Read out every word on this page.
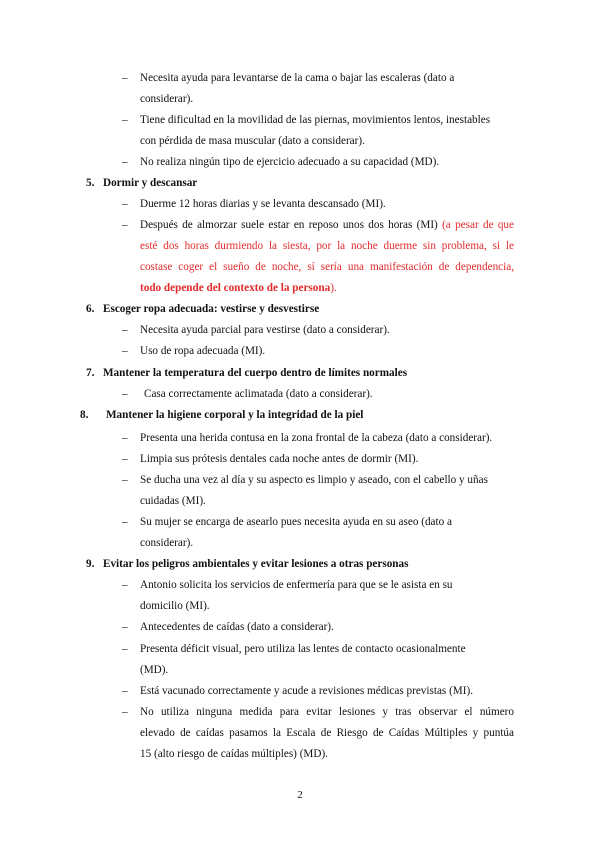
– Necesita ayuda para levantarse de la cama o bajar las escaleras (dato a
considerar).
– Tiene dificultad en la movilidad de las piernas, movimientos lentos, inestables
con pérdida de masa muscular (dato a considerar).
– No realiza ningún tipo de ejercicio adecuado a su capacidad (MD).
5. Dormir y descansar
– Duerme 12 horas diarias y se levanta descansado (MI).
– Después de almorzar suele estar en reposo unos dos horas (MI) (a pesar de que
esté dos horas durmiendo la siesta, por la noche duerme sin problema, si le
costase coger el sueño de noche, sí sería una manifestación de dependencia,
todo depende del contexto de la persona).
6. Escoger ropa adecuada: vestirse y desvestirse
– Necesita ayuda parcial para vestirse (dato a considerar).
– Uso de ropa adecuada (MI).
7. Mantener la temperatura del cuerpo dentro de límites normales
– Casa correctamente aclimatada (dato a considerar).
8. Mantener la higiene corporal y la integridad de la piel
– Presenta una herida contusa en la zona frontal de la cabeza (dato a considerar).
– Limpia sus prótesis dentales cada noche antes de dormir (MI).
– Se ducha una vez al día y su aspecto es limpio y aseado, con el cabello y uñas
cuidadas (MI).
– Su mujer se encarga de asearlo pues necesita ayuda en su aseo (dato a
considerar).
9. Evitar los peligros ambientales y evitar lesiones a otras personas
– Antonio solicita los servicios de enfermería para que se le asista en su
domicilio (MI).
– Antecedentes de caídas (dato a considerar).
– Presenta déficit visual, pero utiliza las lentes de contacto ocasionalmente
(MD).
– Está vacunado correctamente y acude a revisiones médicas previstas (MI).
– No utiliza ninguna medida para evitar lesiones y tras observar el número
elevado de caídas pasamos la Escala de Riesgo de Caídas Múltiples y puntúa
15 (alto riesgo de caídas múltiples) (MD).
2
